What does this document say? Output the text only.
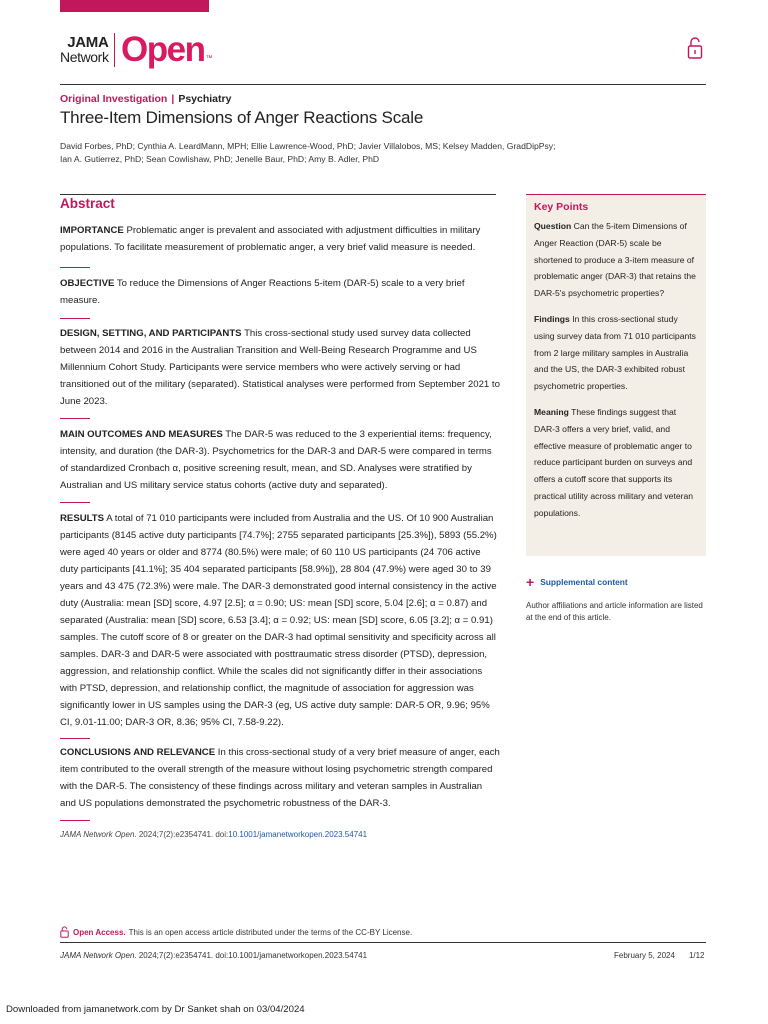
JAMA
Network Open ™
Original Investigation | Psychiatry
Three-Item Dimensions of Anger Reactions Scale
David Forbes, PhD; Cynthia A. LeardMann, MPH; Ellie Lawrence-Wood, PhD; Javier Villalobos, MS; Kelsey Madden, GradDipPsy;
Ian A. Gutierrez, PhD; Sean Cowlishaw, PhD; Jenelle Baur, PhD; Amy B. Adler, PhD
Abstract

IMPORTANCE Problematic anger is prevalent and associated with adjustment difficulties in military populations. To facilitate measurement of problematic anger, a very brief valid measure is needed.

OBJECTIVE To reduce the Dimensions of Anger Reactions 5-item (DAR-5) scale to a very brief measure.

DESIGN, SETTING, AND PARTICIPANTS This cross-sectional study used survey data collected between 2014 and 2016 in the Australian Transition and Well-Being Research Programme and US Millennium Cohort Study. Participants were service members who were actively serving or had transitioned out of the military (separated). Statistical analyses were performed from September 2021 to June 2023.

MAIN OUTCOMES AND MEASURES The DAR-5 was reduced to the 3 experiential items: frequency, intensity, and duration (the DAR-3). Psychometrics for the DAR-3 and DAR-5 were compared in terms of standardized Cronbach α, positive screening result, mean, and SD. Analyses were stratified by Australian and US military service status cohorts (active duty and separated).

RESULTS A total of 71 010 participants were included from Australia and the US. Of 10 900 Australian participants (8145 active duty participants [74.7%]; 2755 separated participants [25.3%]), 5893 (55.2%) were aged 40 years or older and 8774 (80.5%) were male; of 60 110 US participants (24 706 active duty participants [41.1%]; 35 404 separated participants [58.9%]), 28 804 (47.9%) were aged 30 to 39 years and 43 475 (72.3%) were male. The DAR-3 demonstrated good internal consistency in the active duty (Australia: mean [SD] score, 4.97 [2.5]; α = 0.90; US: mean [SD] score, 5.04 [2.6]; α = 0.87) and separated (Australia: mean [SD] score, 6.53 [3.4]; α = 0.92; US: mean [SD] score, 6.05 [3.2]; α = 0.91) samples. The cutoff score of 8 or greater on the DAR-3 had optimal sensitivity and specificity across all samples. DAR-3 and DAR-5 were associated with posttraumatic stress disorder (PTSD), depression, aggression, and relationship conflict. While the scales did not significantly differ in their associations with PTSD, depression, and relationship conflict, the magnitude of association for aggression was significantly lower in US samples using the DAR-3 (eg, US active duty sample: DAR-5 OR, 9.96; 95% CI, 9.01-11.00; DAR-3 OR, 8.36; 95% CI, 7.58-9.22).

CONCLUSIONS AND RELEVANCE In this cross-sectional study of a very brief measure of anger, each item contributed to the overall strength of the measure without losing psychometric strength compared with the DAR-5. The consistency of these findings across military and veteran samples in Australian and US populations demonstrated the psychometric robustness of the DAR-3.

JAMA Network Open. 2024;7(2):e2354741. doi:10.1001/jamanetworkopen.2023.54741
Key Points

Question Can the 5-item Dimensions of Anger Reaction (DAR-5) scale be shortened to produce a 3-item measure of problematic anger (DAR-3) that retains the DAR-5's psychometric properties?

Findings In this cross-sectional study using survey data from 71 010 participants from 2 large military samples in Australia and the US, the DAR-3 exhibited robust psychometric properties.

Meaning These findings suggest that DAR-3 offers a very brief, valid, and effective measure of problematic anger to reduce participant burden on surveys and offers a cutoff score that supports its practical utility across military and veteran populations.

+ Supplemental content

Author affiliations and article information are listed at the end of this article.

Open Access. This is an open access article distributed under the terms of the CC-BY License.
JAMA Network Open. 2024;7(2):e2354741. doi:10.1001/jamanetworkopen.2023.54741	February 5, 2024 1/12
Downloaded from jamanetwork.com by Dr Sanket shah on 03/04/2024
